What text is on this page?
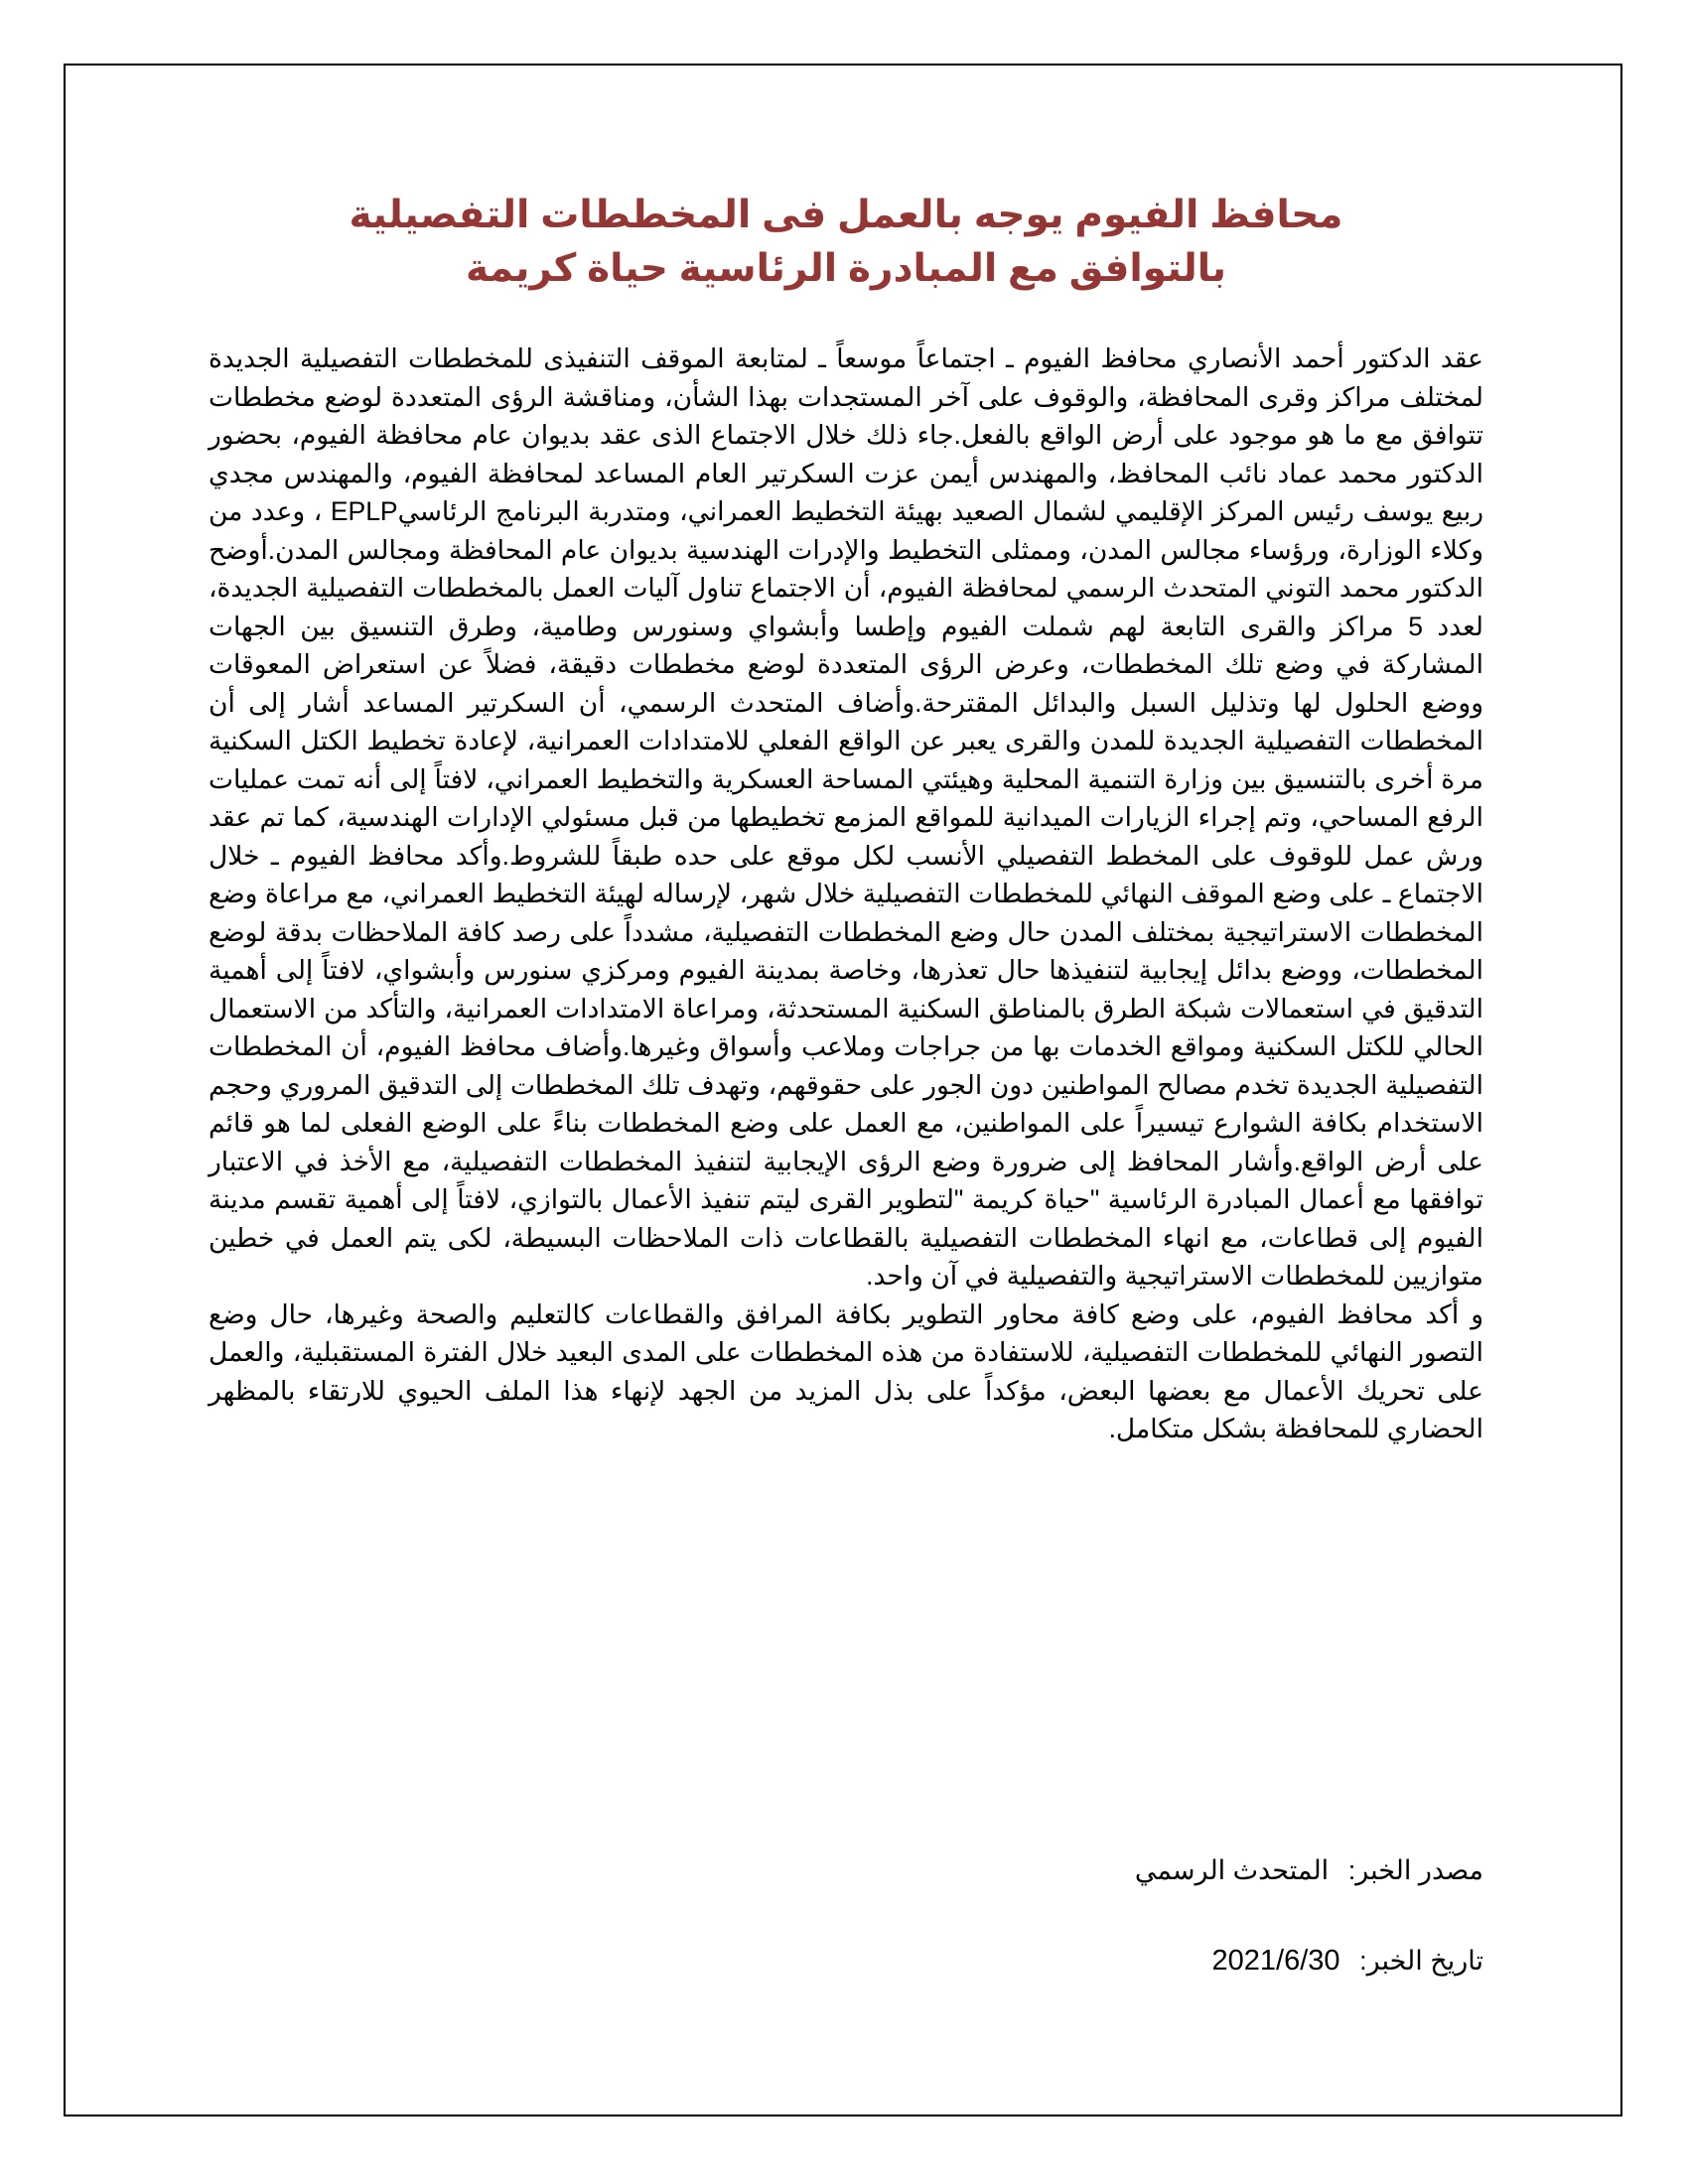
محافظ الفيوم يوجه بالعمل فى المخططات التفصيلية بالتوافق مع المبادرة الرئاسية حياة كريمة

عقد الدكتور أحمد الأنصاري محافظ الفيوم ـ اجتماعاً موسعاً ـ لمتابعة الموقف التنفيذى للمخططات التفصيلية الجديدة لمختلف مراكز وقرى المحافظة، والوقوف على آخر المستجدات بهذا الشأن، ومناقشة الرؤى المتعددة لوضع مخططات تتوافق مع ما هو موجود على أرض الواقع بالفعل.جاء ذلك خلال الاجتماع الذى عقد بديوان عام محافظة الفيوم، بحضور الدكتور محمد عماد نائب المحافظ، والمهندس أيمن عزت السكرتير العام المساعد لمحافظة الفيوم، والمهندس مجدي ربيع يوسف رئيس المركز الإقليمي لشمال الصعيد بهيئة التخطيط العمراني، ومتدربة البرنامج الرئاسيEPLP ، وعدد من وكلاء الوزارة، ورؤساء مجالس المدن، وممثلى التخطيط والإدرات الهندسية بديوان عام المحافظة ومجالس المدن.أوضح الدكتور محمد التوني المتحدث الرسمي لمحافظة الفيوم، أن الاجتماع تناول آليات العمل بالمخططات التفصيلية الجديدة، لعدد 5 مراكز والقرى التابعة لهم شملت الفيوم وإطسا وأبشواي وسنورس وطامية، وطرق التنسيق بين الجهات المشاركة في وضع تلك المخططات، وعرض الرؤى المتعددة لوضع مخططات دقيقة، فضلاً عن استعراض المعوقات ووضع الحلول لها وتذليل السبل والبدائل المقترحة.وأضاف المتحدث الرسمي، أن السكرتير المساعد أشار إلى أن المخططات التفصيلية الجديدة للمدن والقرى يعبر عن الواقع الفعلي للامتدادات العمرانية، لإعادة تخطيط الكتل السكنية مرة أخرى بالتنسيق بين وزارة التنمية المحلية وهيئتي المساحة العسكرية والتخطيط العمراني، لافتاً إلى أنه تمت عمليات الرفع المساحي، وتم إجراء الزيارات الميدانية للمواقع المزمع تخطيطها من قبل مسئولي الإدارات الهندسية، كما تم عقد ورش عمل للوقوف على المخطط التفصيلي الأنسب لكل موقع على حده طبقاً للشروط.وأكد محافظ الفيوم ـ خلال الاجتماع ـ على وضع الموقف النهائي للمخططات التفصيلية خلال شهر، لإرساله لهيئة التخطيط العمراني، مع مراعاة وضع المخططات الاستراتيجية بمختلف المدن حال وضع المخططات التفصيلية، مشدداً على رصد كافة الملاحظات بدقة لوضع المخططات، ووضع بدائل إيجابية لتنفيذها حال تعذرها، وخاصة بمدينة الفيوم ومركزي سنورس وأبشواي، لافتاً إلى أهمية التدقيق في استعمالات شبكة الطرق بالمناطق السكنية المستحدثة، ومراعاة الامتدادات العمرانية، والتأكد من الاستعمال الحالي للكتل السكنية ومواقع الخدمات بها من جراجات وملاعب وأسواق وغيرها.وأضاف محافظ الفيوم، أن المخططات التفصيلية الجديدة تخدم مصالح المواطنين دون الجور على حقوقهم، وتهدف تلك المخططات إلى التدقيق المروري وحجم الاستخدام بكافة الشوارع تيسيراً على المواطنين، مع العمل على وضع المخططات بناءً على الوضع الفعلى لما هو قائم على أرض الواقع.وأشار المحافظ إلى ضرورة وضع الرؤى الإيجابية لتنفيذ المخططات التفصيلية، مع الأخذ في الاعتبار توافقها مع أعمال المبادرة الرئاسية "حياة كريمة "لتطوير القرى ليتم تنفيذ الأعمال بالتوازي، لافتاً إلى أهمية تقسم مدينة الفيوم إلى قطاعات، مع انهاء المخططات التفصيلية بالقطاعات ذات الملاحظات البسيطة، لكى يتم العمل في خطين متوازيين للمخططات الاستراتيجية والتفصيلية في آن واحد.

و أكد محافظ الفيوم، على وضع كافة محاور التطوير بكافة المرافق والقطاعات كالتعليم والصحة وغيرها، حال وضع التصور النهائي للمخططات التفصيلية، للاستفادة من هذه المخططات على المدى البعيد خلال الفترة المستقبلية، والعمل على تحريك الأعمال مع بعضها البعض، مؤكداً على بذل المزيد من الجهد لإنهاء هذا الملف الحيوي للارتقاء بالمظهر الحضاري للمحافظة بشكل متكامل.

مصدر الخبر: المتحدث الرسمي
تاريخ الخبر: 2021/6/30
